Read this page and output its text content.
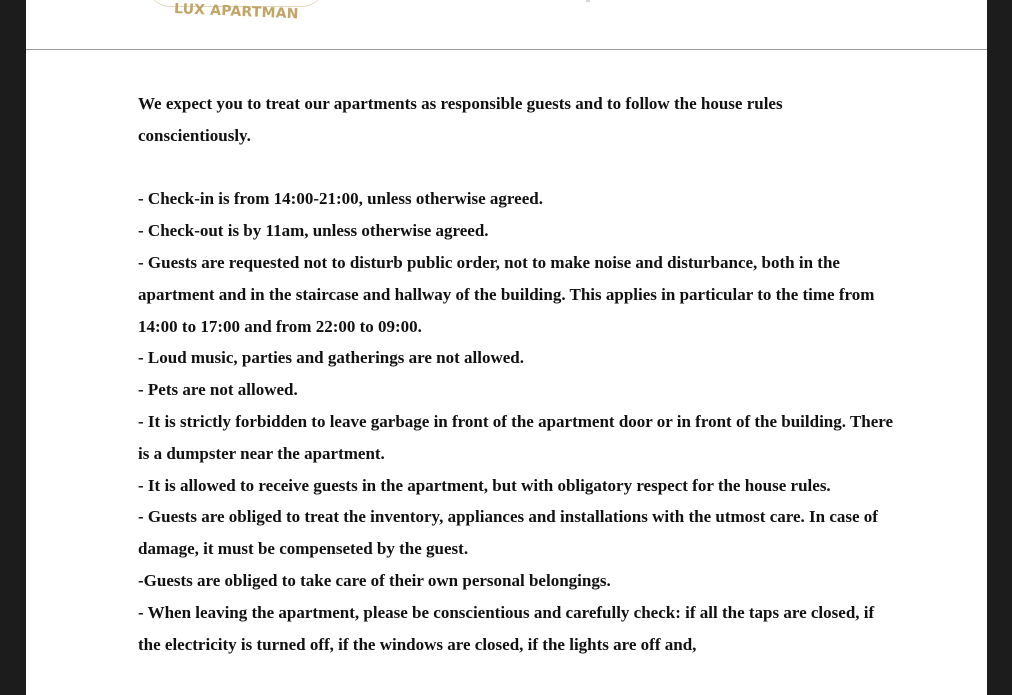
LUX APARTMAN

We expect you to treat our apartments as responsible guests and to follow the house rules conscientiously.

- Check-in is from 14:00-21:00, unless otherwise agreed.

- Check-out is by 11am, unless otherwise agreed.

- Guests are requested not to disturb public order, not to make noise and disturbance, both in the apartment and in the staircase and hallway of the building. This applies in particular to the time from 14:00 to 17:00 and from 22:00 to 09:00.

- Loud music, parties and gatherings are not allowed.

- Pets are not allowed.

- It is strictly forbidden to leave garbage in front of the apartment door or in front of the building. There is a dumpster near the apartment.

- It is allowed to receive guests in the apartment, but with obligatory respect for the house rules.

- Guests are obliged to treat the inventory, appliances and installations with the utmost care. In case of damage, it must be compenseted by the guest.

-Guests are obliged to take care of their own personal belongings.

- When leaving the apartment, please be conscientious and carefully check: if all the taps are closed, if the electricity is turned off, if the windows are closed, if the lights are off and,
